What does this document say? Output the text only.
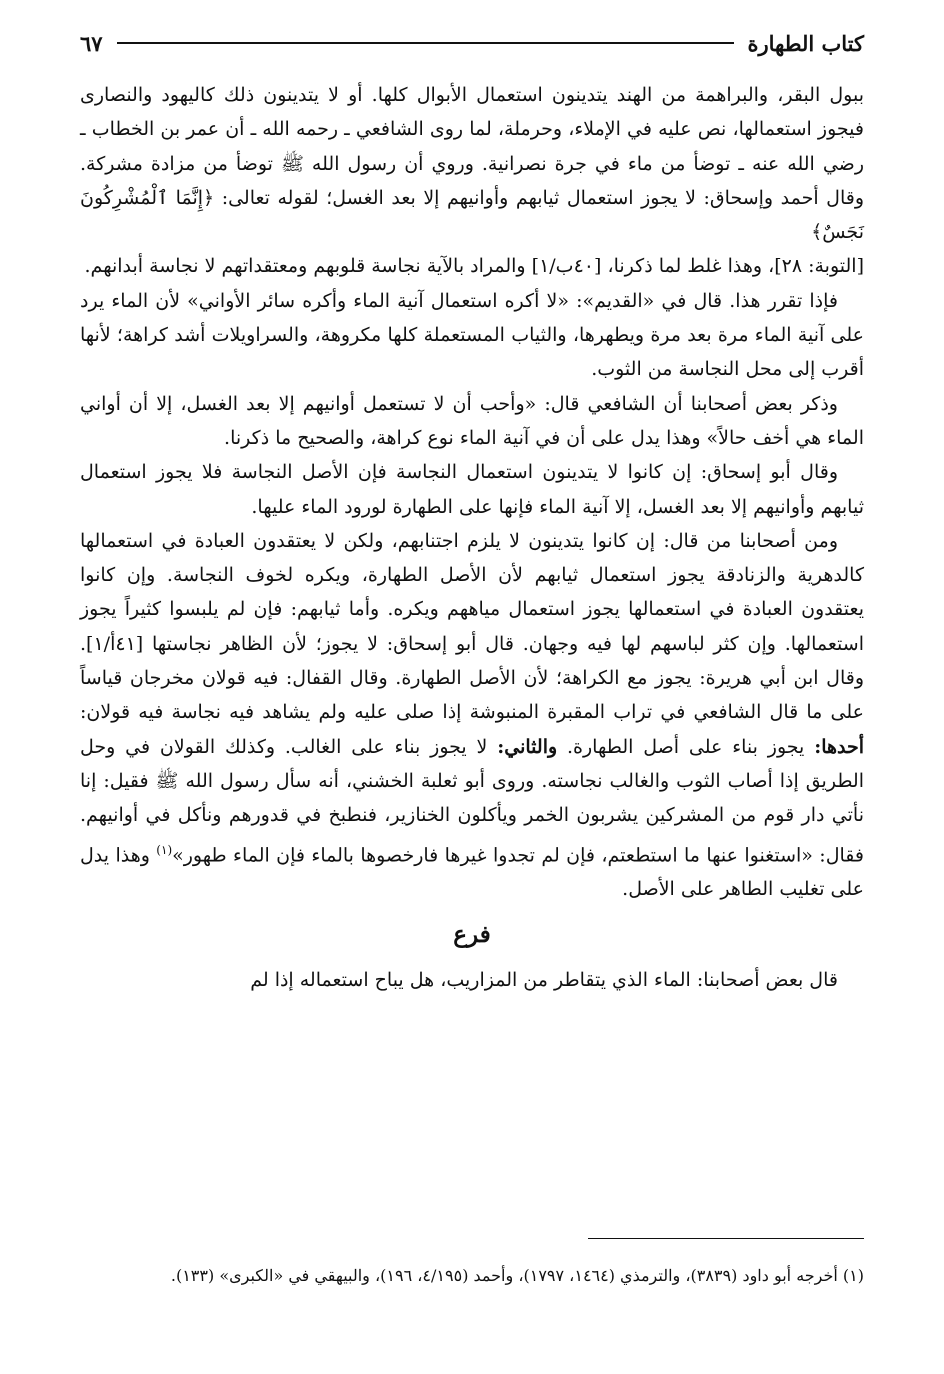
كتاب الطهارة
٦٧

ببول البقر، والبراهمة من الهند يتدينون استعمال الأبوال كلها. أو لا يتدينون ذلك كاليهود والنصارى فيجوز استعمالها، نص عليه في الإملاء، وحرملة، لما روى الشافعي ـ رحمه الله ـ أن عمر بن الخطاب ـ رضي الله عنه ـ توضأ من ماء في جرة نصرانية. وروي أن رسول الله ﷺ توضأ من مزادة مشركة. وقال أحمد وإسحاق: لا يجوز استعمال ثيابهم وأوانيهم إلا بعد الغسل؛ لقوله تعالى: ﴿إِنَّمَا ٱلْمُشْرِكُونَ نَجَسٌ﴾

[التوبة: ٢٨]، وهذا غلط لما ذكرنا، [٤٠ب/١] والمراد بالآية نجاسة قلوبهم ومعتقداتهم لا نجاسة أبدانهم.

فإذا تقرر هذا. قال في «القديم»: «لا أكره استعمال آنية الماء وأكره سائر الأواني» لأن الماء يرد على آنية الماء مرة بعد مرة ويطهرها، والثياب المستعملة كلها مكروهة، والسراويلات أشد كراهة؛ لأنها أقرب إلى محل النجاسة من الثوب.

وذكر بعض أصحابنا أن الشافعي قال: «وأحب أن لا تستعمل أوانيهم إلا بعد الغسل، إلا أن أواني الماء هي أخف حالاً» وهذا يدل على أن في آنية الماء نوع كراهة، والصحيح ما ذكرنا.

وقال أبو إسحاق: إن كانوا لا يتدينون استعمال النجاسة فإن الأصل النجاسة فلا يجوز استعمال ثيابهم وأوانيهم إلا بعد الغسل، إلا آنية الماء فإنها على الطهارة لورود الماء عليها.

ومن أصحابنا من قال: إن كانوا يتدينون لا يلزم اجتنابهم، ولكن لا يعتقدون العبادة في استعمالها كالدهرية والزنادقة يجوز استعمال ثيابهم لأن الأصل الطهارة، ويكره لخوف النجاسة. وإن كانوا يعتقدون العبادة في استعمالها يجوز استعمال مياههم ويكره. وأما ثيابهم: فإن لم يلبسوا كثيراً يجوز استعمالها. وإن كثر لباسهم لها فيه وجهان. قال أبو إسحاق: لا يجوز؛ لأن الظاهر نجاستها [٤١أ/١]. وقال ابن أبي هريرة: يجوز مع الكراهة؛ لأن الأصل الطهارة. وقال القفال: فيه قولان مخرجان قياساً على ما قال الشافعي في تراب المقبرة المنبوشة إذا صلى عليه ولم يشاهد فيه نجاسة فيه قولان: أحدها: يجوز بناء على أصل الطهارة. والثاني: لا يجوز بناء على الغالب. وكذلك القولان في وحل الطريق إذا أصاب الثوب والغالب نجاسته. وروى أبو ثعلبة الخشني، أنه سأل رسول الله ﷺ فقيل: إنا نأتي دار قوم من المشركين يشربون الخمر ويأكلون الخنازير، فنطبخ في قدورهم ونأكل في أوانيهم. فقال: «استغنوا عنها ما استطعتم، فإن لم تجدوا غيرها فارخصوها بالماء فإن الماء طهور»$^{(١)}$ وهذا يدل على تغليب الطاهر على الأصل.

فرع

قال بعض أصحابنا: الماء الذي يتقاطر من المزاريب، هل يباح استعماله إذا لم

(١) أخرجه أبو داود (٣٨٣٩)، والترمذي (١٤٦٤، ١٧٩٧)، وأحمد (٤/١٩٥، ١٩٦)، والبيهقي في «الكبرى» (١٣٣).
